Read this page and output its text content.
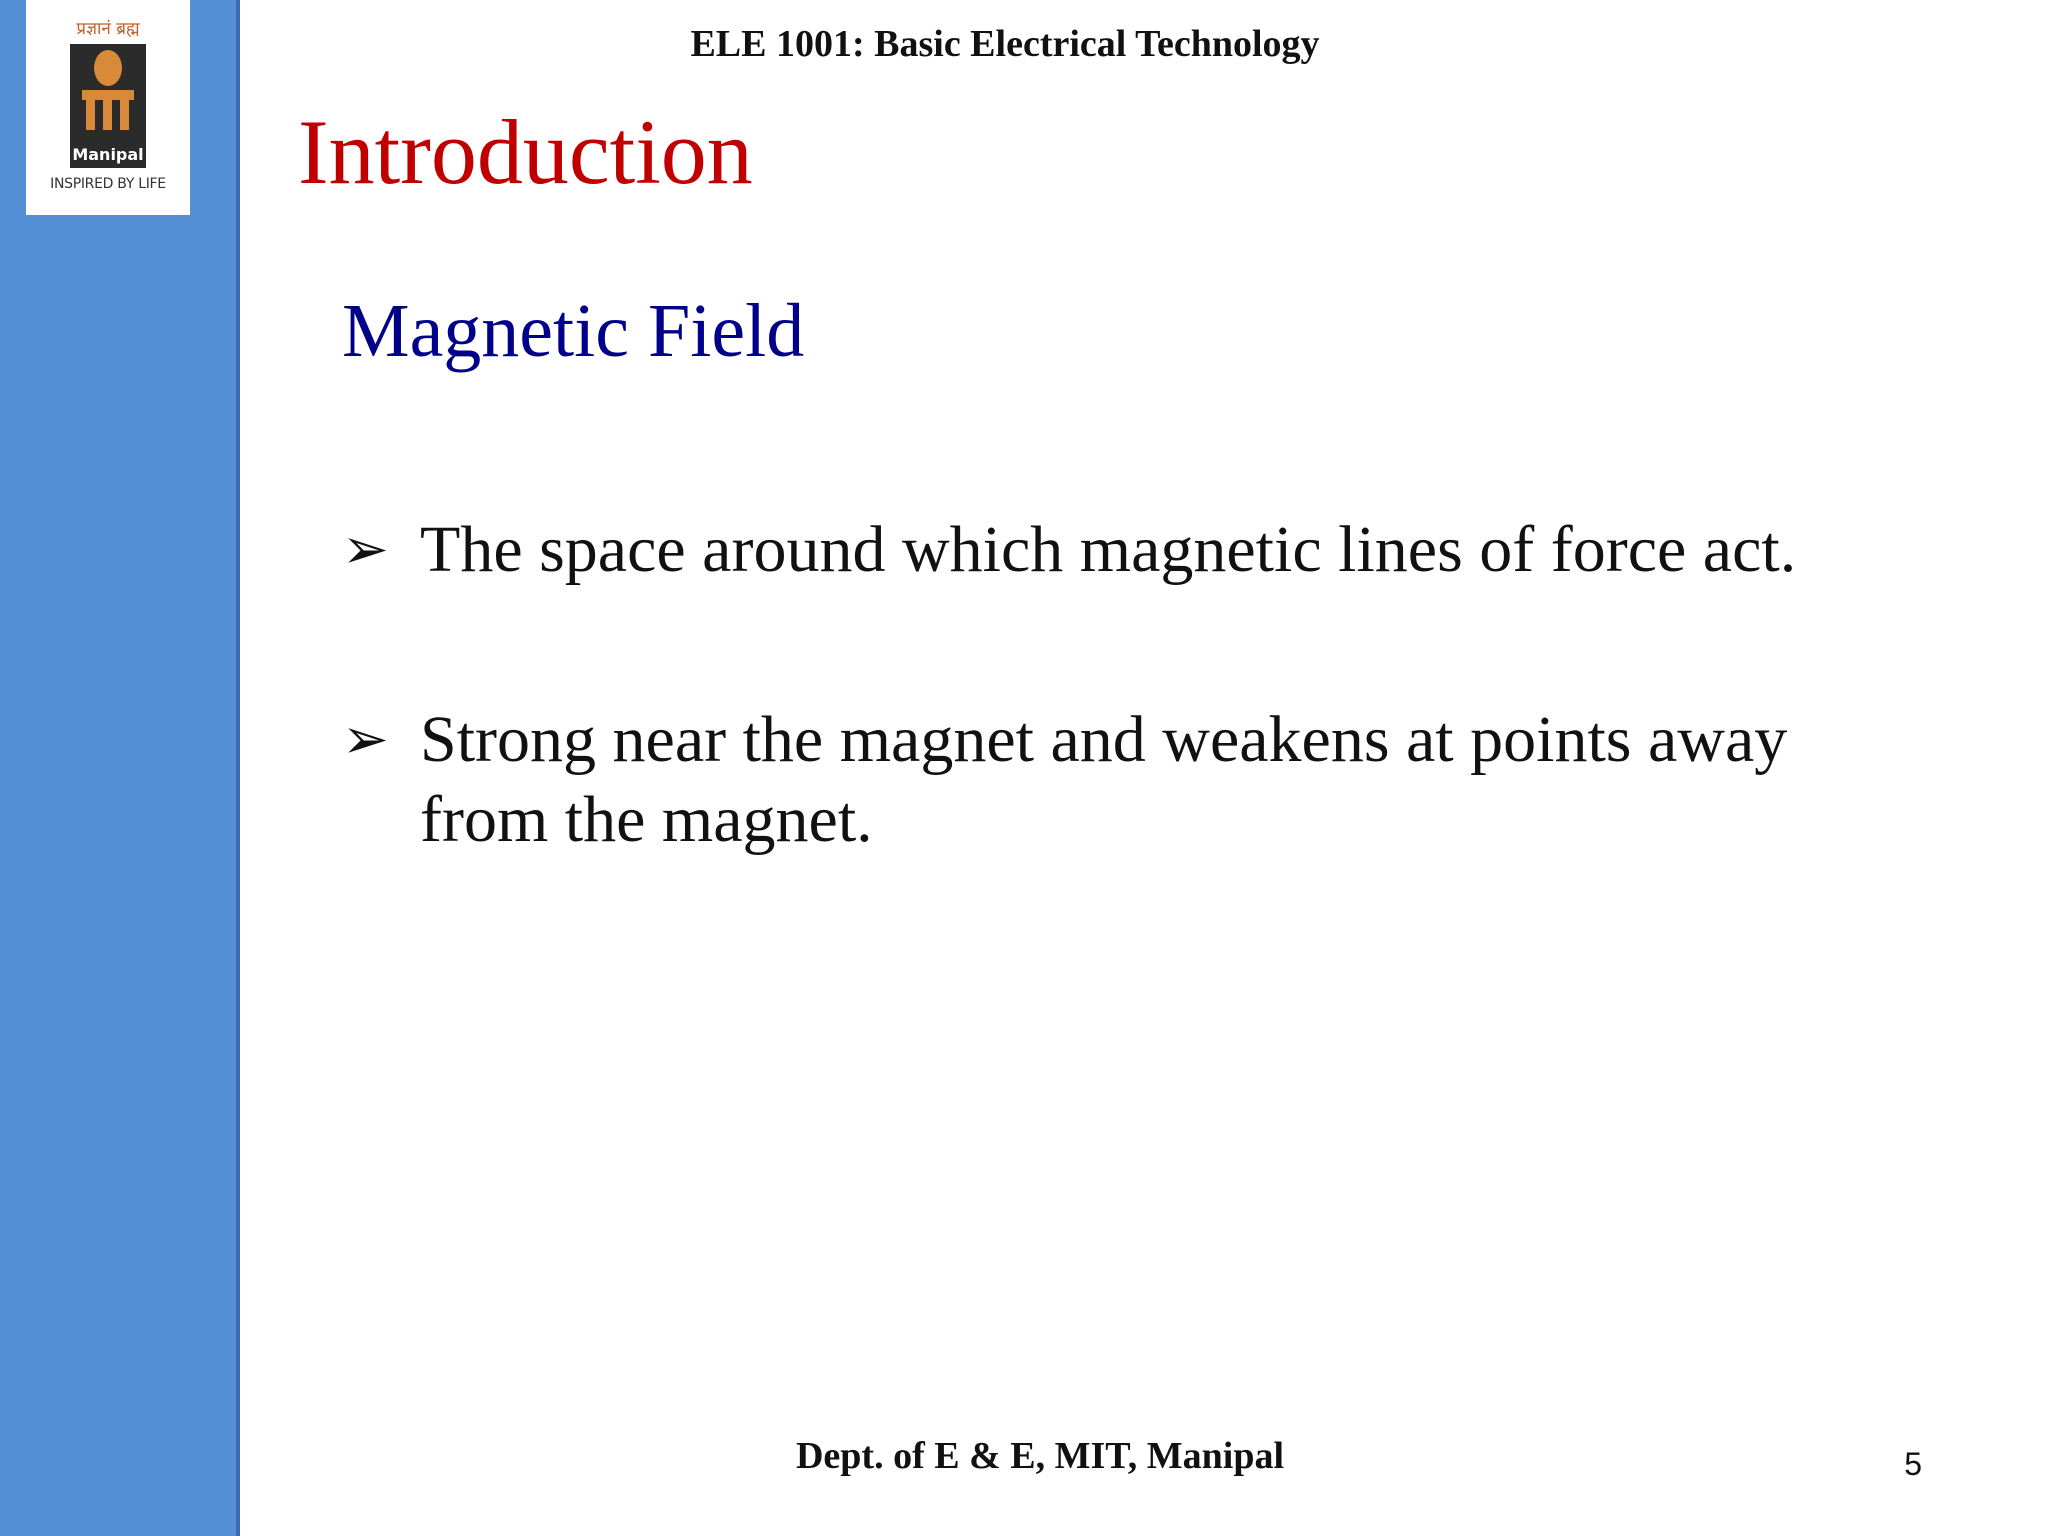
प्रज्ञानं ब्रह्म
Manipal
INSPIRED BY LIFE
ELE 1001: Basic Electrical Technology
Introduction
Magnetic Field
➢ The space around which magnetic lines of force act.
➢ Strong near the magnet and weakens at points away from the magnet.
Dept. of E & E, MIT, Manipal	5
